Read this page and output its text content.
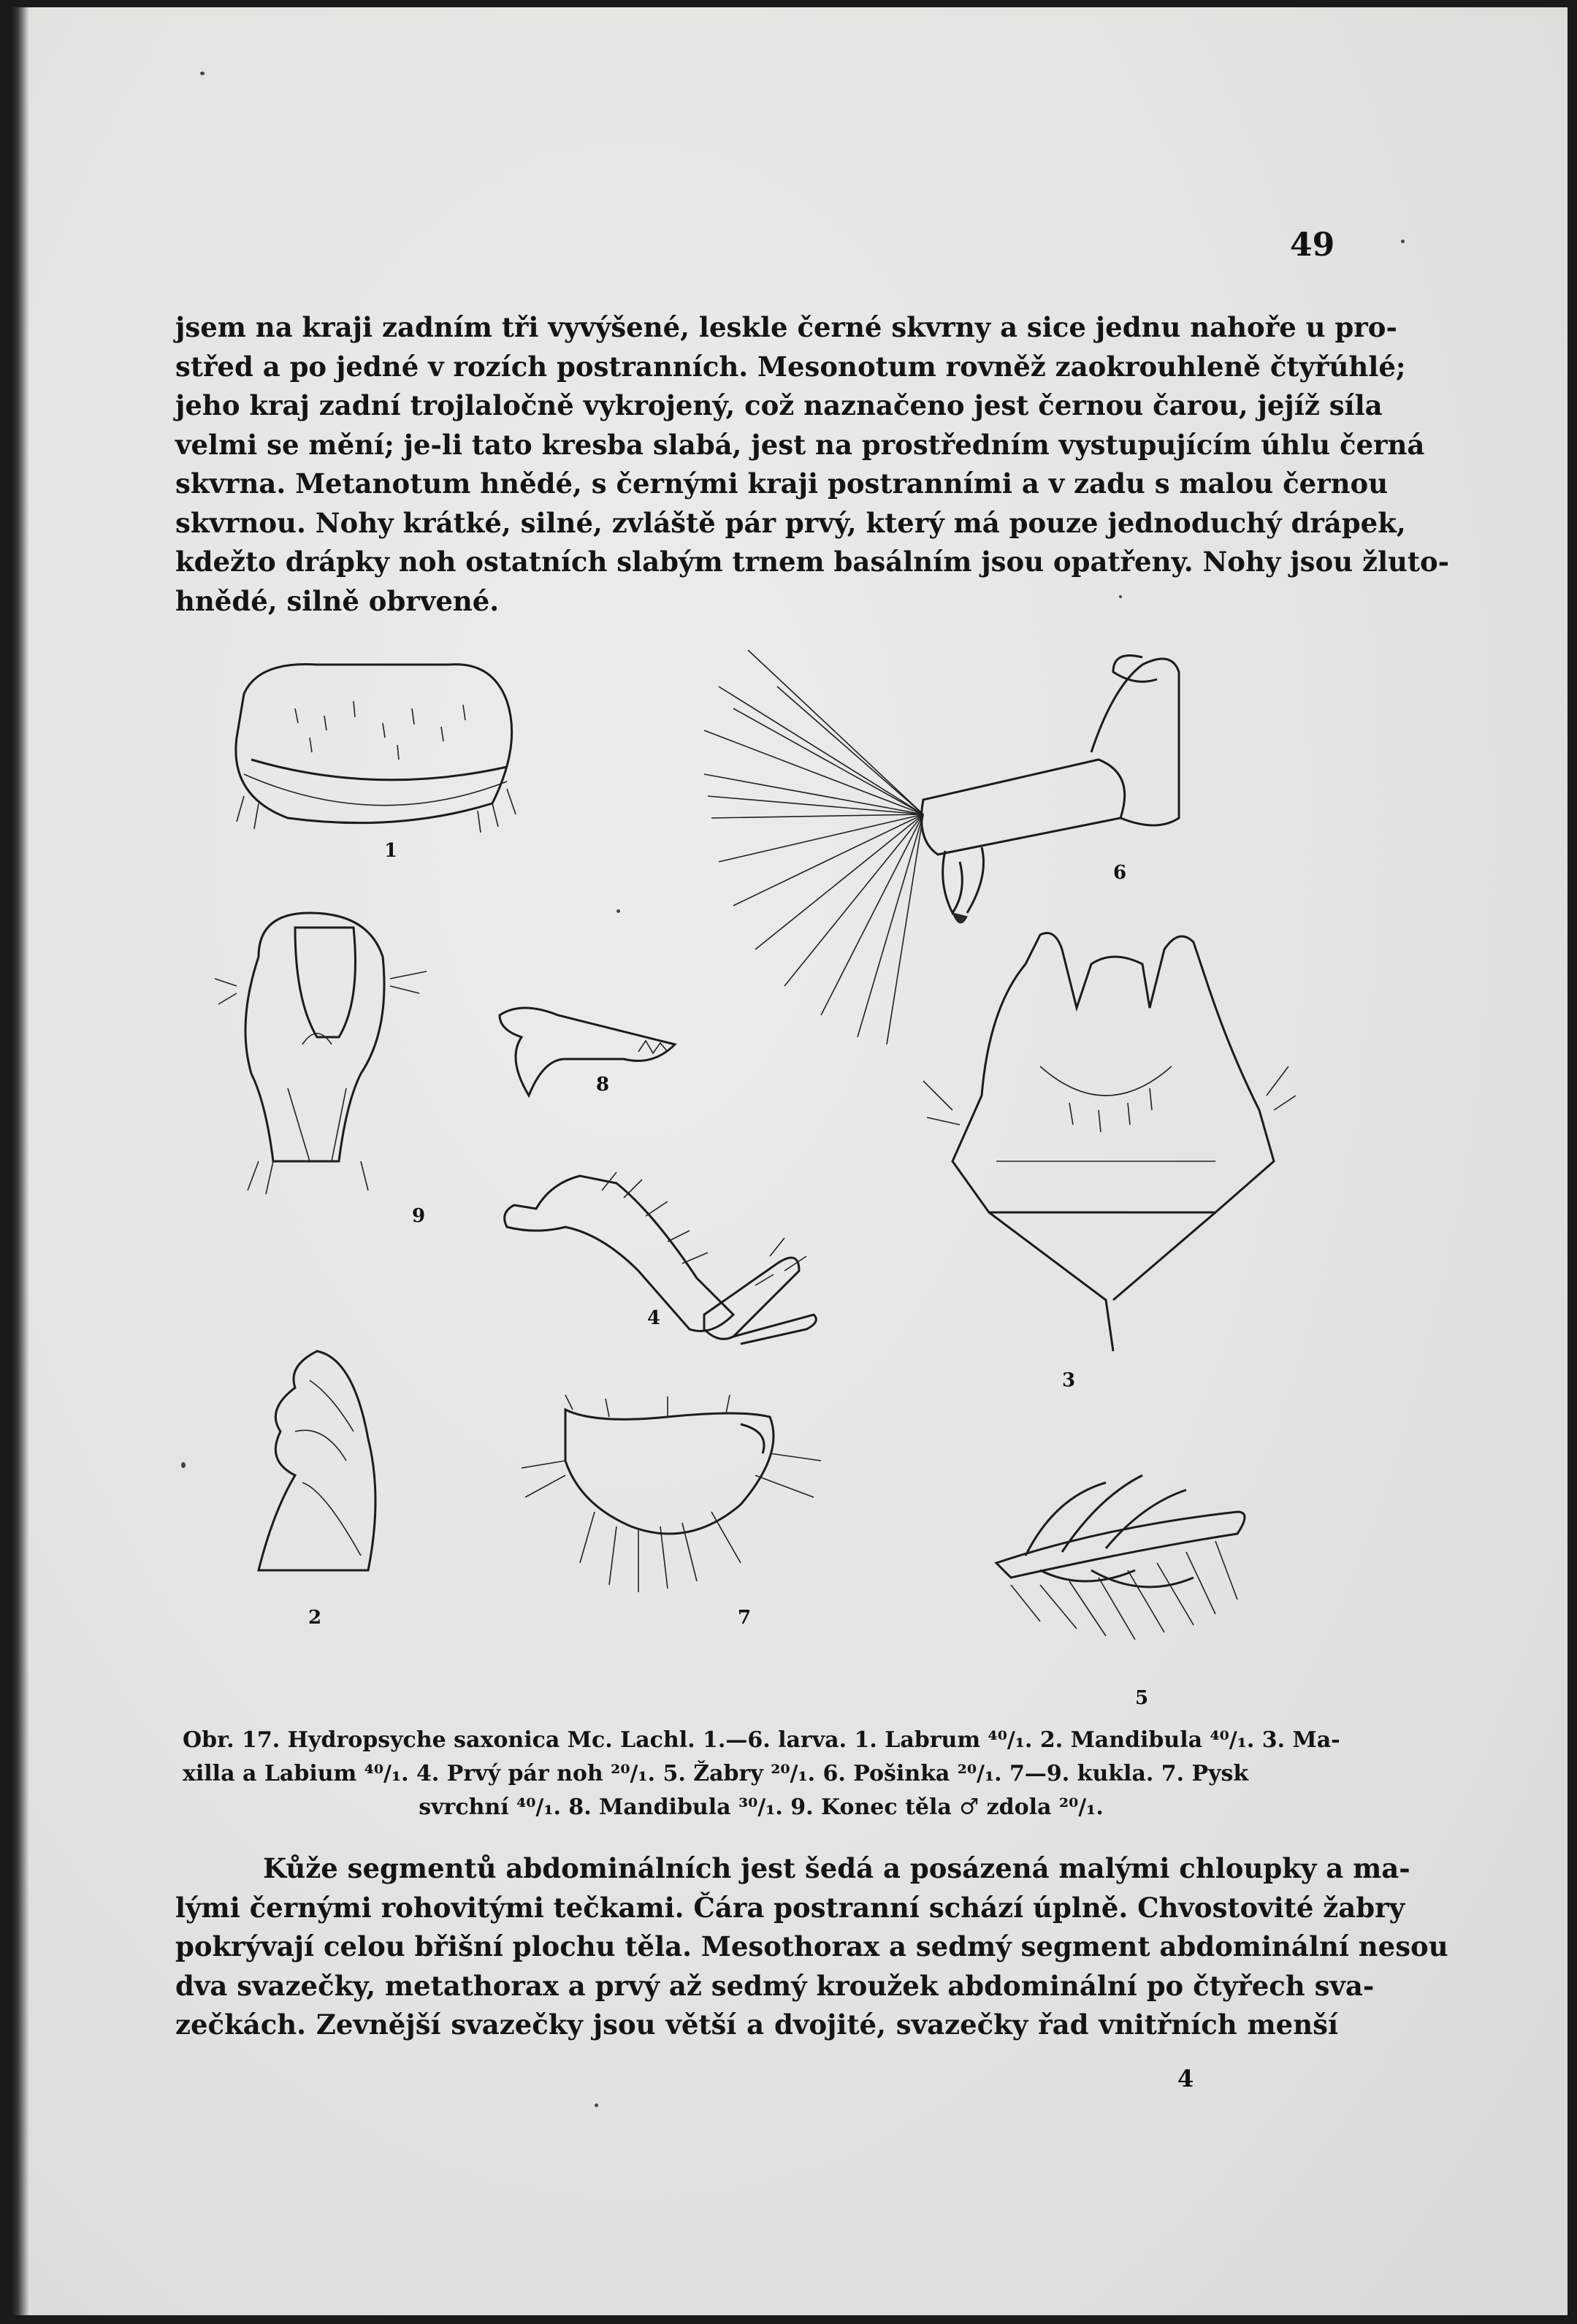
49
jsem na kraji zadním tři vyvýšené, leskle černé skvrny a sice jednu nahoře u pro-
střed a po jedné v rozích postranních. Mesonotum rovněž zaokrouhleně čtyřúhlé;
jeho kraj zadní trojlaločně vykrojený, což naznačeno jest černou čarou, jejíž síla
velmi se mění; je-li tato kresba slabá, jest na prostředním vystupujícím úhlu černá
skvrna. Metanotum hnědé, s černými kraji postranními a v zadu s malou černou
skvrnou. Nohy krátké, silné, zvláště pár prvý, který má pouze jednoduchý drápek,
kdežto drápky noh ostatních slabým trnem basálním jsou opatřeny. Nohy jsou žluto-
hnědé, silně obrvené.
1
6
8
9
4
3
2	7
5
Obr. 17. Hydropsyche saxonica Mc. Lachl. 1.—6. larva. 1. Labrum ⁴⁰/₁. 2. Mandibula ⁴⁰/₁. 3. Ma-
xilla a Labium ⁴⁰/₁. 4. Prvý pár noh ²⁰/₁. 5. Žabry ²⁰/₁. 6. Pošinka ²⁰/₁. 7—9. kukla. 7. Pysk
svrchní ⁴⁰/₁. 8. Mandibula ³⁰/₁. 9. Konec těla ♂ zdola ²⁰/₁.
Kůže segmentů abdominálních jest šedá a posázená malými chloupky a ma-
lými černými rohovitými tečkami. Čára postranní schází úplně. Chvostovité žabry
pokrývají celou břišní plochu těla. Mesothorax a sedmý segment abdominální nesou
dva svazečky, metathorax a prvý až sedmý kroužek abdominální po čtyřech sva-
zečkách. Zevnější svazečky jsou větší a dvojité, svazečky řad vnitřních menší
4
